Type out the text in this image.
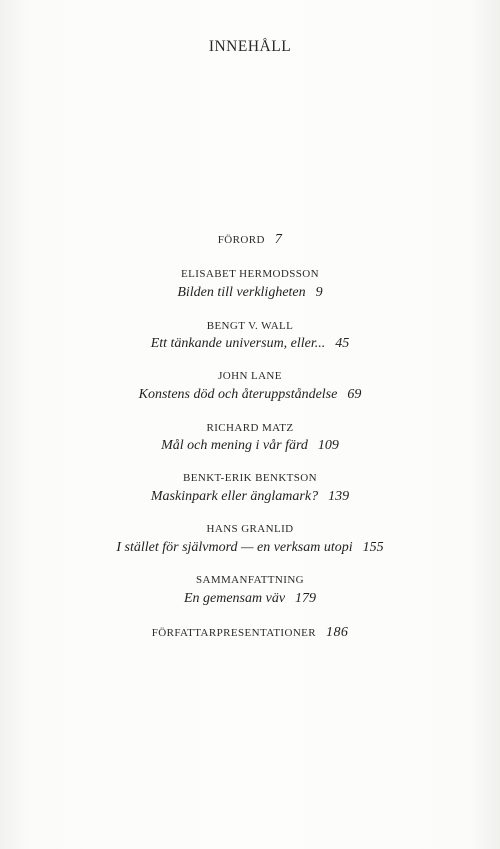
INNEHÅLL
FÖRORD 7
ELISABET HERMODSSON
Bilden till verkligheten 9
BENGT V. WALL
Ett tänkande universum, eller... 45
JOHN LANE
Konstens död och återuppståndelse 69
RICHARD MATZ
Mål och mening i vår färd 109
BENKT-ERIK BENKTSON
Maskinpark eller änglamark? 139
HANS GRANLID
I stället för självmord — en verksam utopi 155
SAMMANFATTNING
En gemensam väv 179
FÖRFATTARPRESENTATIONER 186
